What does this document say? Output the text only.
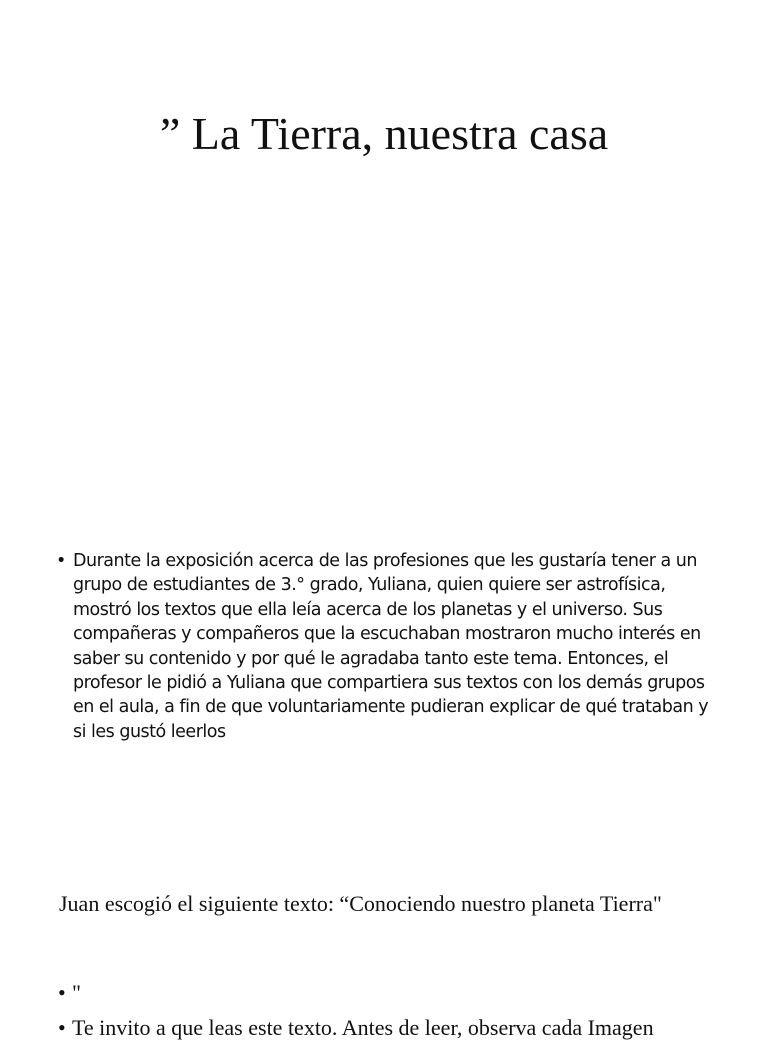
” La Tierra, nuestra casa
• Durante la exposición acerca de las profesiones que les gustaría tener a un grupo de estudiantes de 3.° grado, Yuliana, quien quiere ser astrofísica, mostró los textos que ella leía acerca de los planetas y el universo. Sus compañeras y compañeros que la escuchaban mostraron mucho interés en saber su contenido y por qué le agradaba tanto este tema. Entonces, el profesor le pidió a Yuliana que compartiera sus textos con los demás grupos en el aula, a fin de que voluntariamente pudieran explicar de qué trataban y si les gustó leerlos
Juan escogió el siguiente texto: “Conociendo nuestro planeta Tierra"
• "
• Te invito a que leas este texto. Antes de leer, observa cada Imagen
